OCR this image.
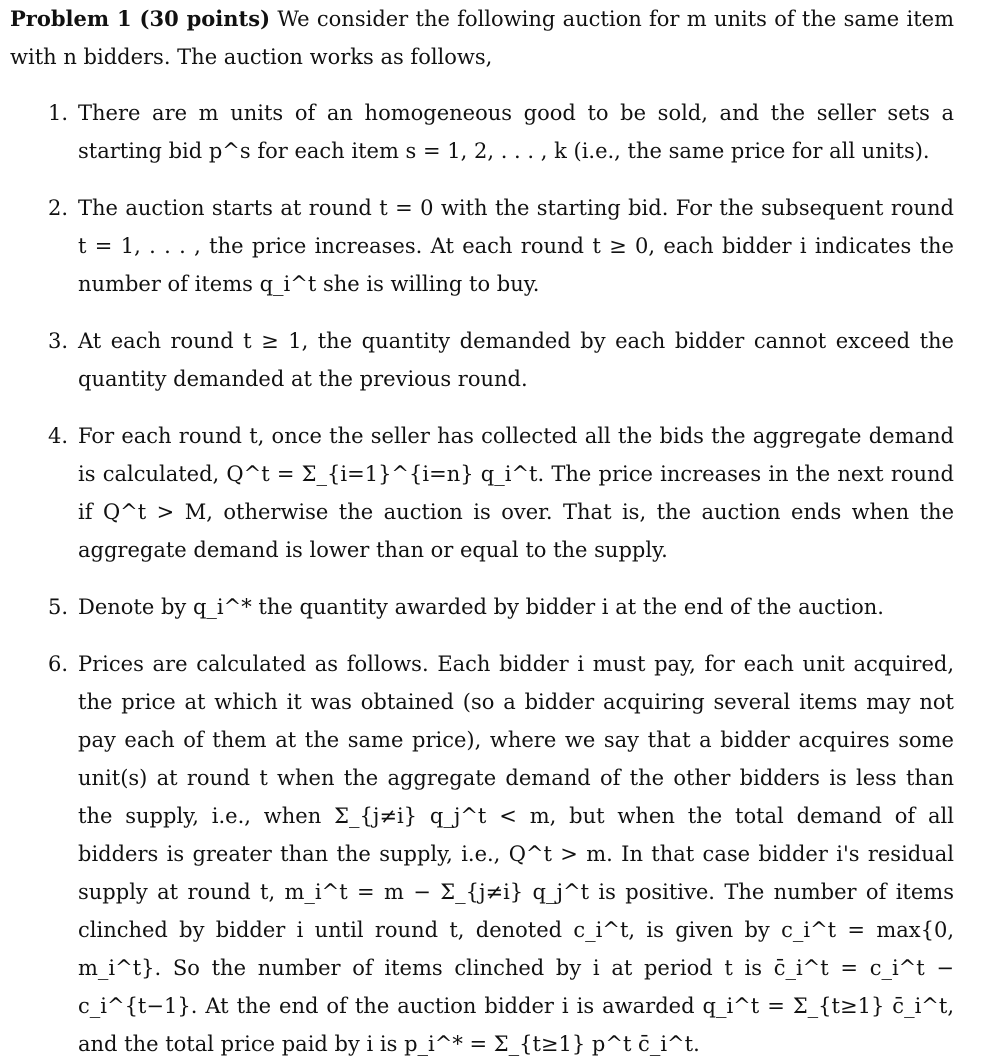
Problem 1 (30 points) We consider the following auction for m units of the same item with n bidders. The auction works as follows,

1. There are m units of an homogeneous good to be sold, and the seller sets a starting bid p^s for each item s = 1, 2, . . . , k (i.e., the same price for all units).
2. The auction starts at round t = 0 with the starting bid. For the subsequent round t = 1, . . . , the price increases. At each round t ≥ 0, each bidder i indicates the number of items q_i^t she is willing to buy.
3. At each round t ≥ 1, the quantity demanded by each bidder cannot exceed the quantity demanded at the previous round.
4. For each round t, once the seller has collected all the bids the aggregate demand is calculated, Q^t = Σ_{i=1}^{i=n} q_i^t. The price increases in the next round if Q^t > M, otherwise the auction is over. That is, the auction ends when the aggregate demand is lower than or equal to the supply.
5. Denote by q_i^* the quantity awarded by bidder i at the end of the auction.
6. Prices are calculated as follows. Each bidder i must pay, for each unit acquired, the price at which it was obtained (so a bidder acquiring several items may not pay each of them at the same price), where we say that a bidder acquires some unit(s) at round t when the aggregate demand of the other bidders is less than the supply, i.e., when Σ_{j≠i} q_j^t < m, but when the total demand of all bidders is greater than the supply, i.e., Q^t > m. In that case bidder i's residual supply at round t, m_i^t = m − Σ_{j≠i} q_j^t is positive. The number of items clinched by bidder i until round t, denoted c_i^t, is given by c_i^t = max{0, m_i^t}. So the number of items clinched by i at period t is c̄_i^t = c_i^t − c_i^{t−1}. At the end of the auction bidder i is awarded q_i^t = Σ_{t≥1} c̄_i^t, and the total price paid by i is p_i^* = Σ_{t≥1} p^t c̄_i^t.
